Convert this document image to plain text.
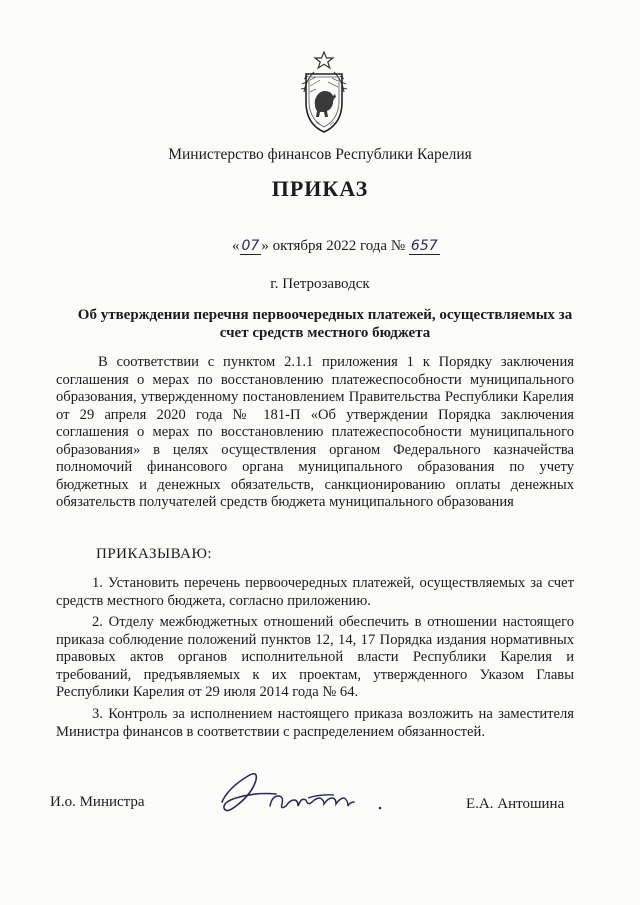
Министерство финансов Республики Карелия
ПРИКАЗ
« 07 » октября 2022 года № 657
г. Петрозаводск
Об утверждении перечня первоочередных платежей, осуществляемых за счет средств местного бюджета
В соответствии с пунктом 2.1.1 приложения 1 к Порядку заключения соглашения о мерах по восстановлению платежеспособности муниципального образования, утвержденному постановлением Правительства Республики Карелия от 29 апреля 2020 года № 181-П «Об утверждении Порядка заключения соглашения о мерах по восстановлению платежеспособности муниципального образования» в целях осуществления органом Федерального казначейства полномочий финансового органа муниципального образования по учету бюджетных и денежных обязательств, санкционированию оплаты денежных обязательств получателей средств бюджета муниципального образования
ПРИКАЗЫВАЮ:
1. Установить перечень первоочередных платежей, осуществляемых за счет средств местного бюджета, согласно приложению.
2. Отделу межбюджетных отношений обеспечить в отношении настоящего приказа соблюдение положений пунктов 12, 14, 17 Порядка издания нормативных правовых актов органов исполнительной власти Республики Карелия и требований, предъявляемых к их проектам, утвержденного Указом Главы Республики Карелия от 29 июля 2014 года № 64.
3. Контроль за исполнением настоящего приказа возложить на заместителя Министра финансов в соответствии с распределением обязанностей.
И.о. Министра	Е.А. Антошина
